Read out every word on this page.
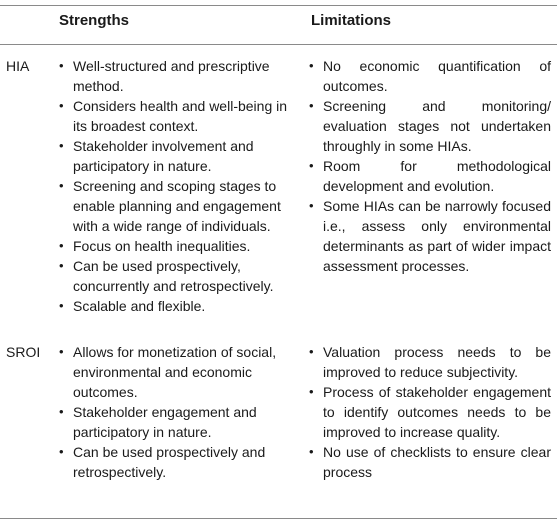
Strengths	Limitations
HIA • Well-structured and prescriptive method.
• Considers health and well-being in its broadest context.
• Stakeholder involvement and participatory in nature.
• Screening and scoping stages to enable planning and engagement with a wide range of individuals.
• Focus on health inequalities.
• Can be used prospectively, concurrently and retrospectively.
• Scalable and flexible.
• No economic quantification of outcomes.
• Screening and monitoring/ evaluation stages not undertaken throughly in some HIAs.
• Room for methodological development and evolution.
• Some HIAs can be narrowly focused i.e., assess only environmental determinants as part of wider impact assessment processes.
SROI • Allows for monetization of social, environmental and economic outcomes.
• Stakeholder engagement and participatory in nature.
• Can be used prospectively and retrospectively.
• Valuation process needs to be improved to reduce subjectivity.
• Process of stakeholder engagement to identify outcomes needs to be improved to increase quality.
• No use of checklists to ensure clear process
